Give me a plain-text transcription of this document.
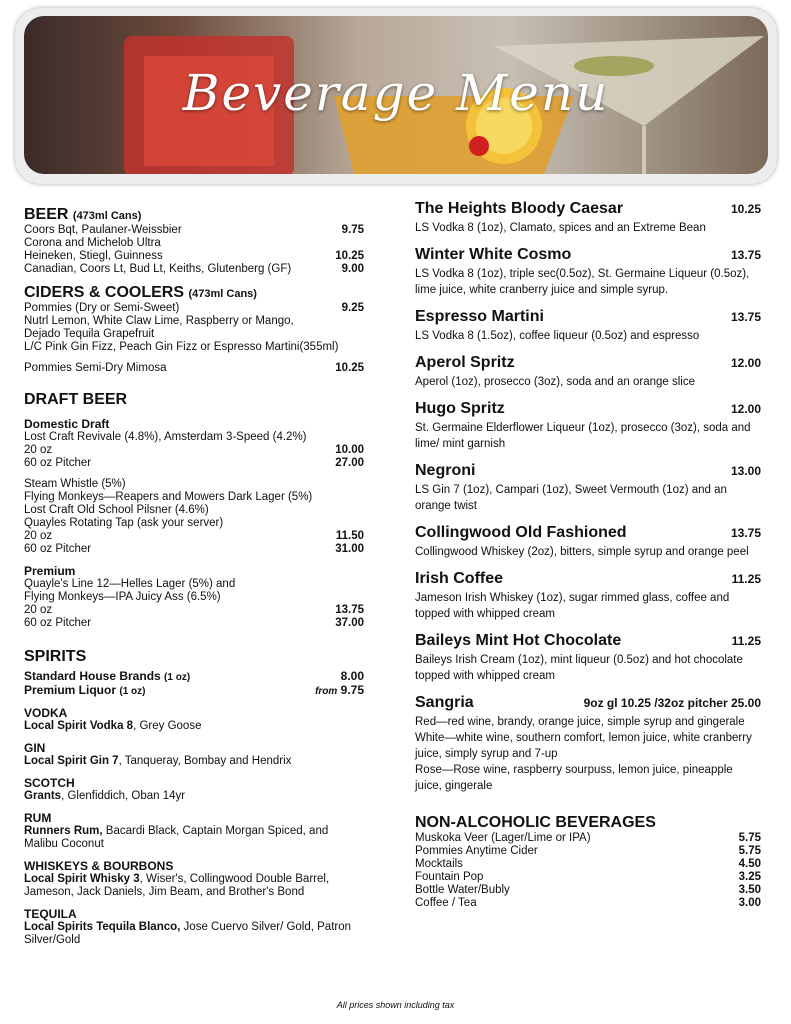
Beverage Menu
BEER (473ml Cans)
Coors Bqt, Paulaner-Weissbier	9.75
Corona and Michelob Ultra
Heineken, Stiegl, Guinness	10.25
Canadian, Coors Lt, Bud Lt, Keiths, Glutenberg (GF)	9.00
CIDERS & COOLERS (473ml Cans)
Pommies (Dry or Semi-Sweet)	9.25
Nutrl Lemon, White Claw Lime, Raspberry or Mango,
Dejado Tequila Grapefruit
L/C Pink Gin Fizz, Peach Gin Fizz or Espresso Martini(355ml)
Pommies Semi-Dry Mimosa	10.25
DRAFT BEER
Domestic Draft
Lost Craft Revivale (4.8%), Amsterdam 3-Speed (4.2%)
20 oz	10.00
60 oz Pitcher	27.00
Steam Whistle (5%)
Flying Monkeys—Reapers and Mowers Dark Lager (5%)
Lost Craft Old School Pilsner (4.6%)
Quayles Rotating Tap (ask your server)
20 oz	11.50
60 oz Pitcher	31.00
Premium
Quayle's Line 12—Helles Lager (5%) and
Flying Monkeys—IPA Juicy Ass (6.5%)
20 oz	13.75
60 oz Pitcher	37.00
SPIRITS
Standard House Brands (1 oz)	8.00
Premium Liquor (1 oz)	from 9.75
VODKA
Local Spirit Vodka 8, Grey Goose
GIN
Local Spirit Gin 7, Tanqueray, Bombay and Hendrix
SCOTCH
Grants, Glenfiddich, Oban 14yr
RUM
Runners Rum, Bacardi Black, Captain Morgan Spiced, and Malibu Coconut
WHISKEYS & BOURBONS
Local Spirit Whisky 3, Wiser's, Collingwood Double Barrel, Jameson, Jack Daniels, Jim Beam, and Brother's Bond
TEQUILA
Local Spirits Tequila Blanco, Jose Cuervo Silver/ Gold, Patron Silver/Gold
The Heights Bloody Caesar	10.25
LS Vodka 8 (1oz), Clamato, spices and an Extreme Bean
Winter White Cosmo	13.75
LS Vodka 8 (1oz), triple sec(0.5oz), St. Germaine Liqueur (0.5oz), lime juice, white cranberry juice and simple syrup.
Espresso Martini	13.75
LS Vodka 8 (1.5oz), coffee liqueur (0.5oz) and espresso
Aperol Spritz	12.00
Aperol (1oz), prosecco (3oz), soda and an orange slice
Hugo Spritz	12.00
St. Germaine Elderflower Liqueur (1oz), prosecco (3oz), soda and lime/ mint garnish
Negroni	13.00
LS Gin 7 (1oz), Campari (1oz), Sweet Vermouth (1oz) and an orange twist
Collingwood Old Fashioned	13.75
Collingwood Whiskey (2oz), bitters, simple syrup and orange peel
Irish Coffee	11.25
Jameson Irish Whiskey (1oz), sugar rimmed glass, coffee and topped with whipped cream
Baileys Mint Hot Chocolate	11.25
Baileys Irish Cream (1oz), mint liqueur (0.5oz) and hot chocolate topped with whipped cream
Sangria	9oz gl 10.25 /32oz pitcher 25.00
Red—red wine, brandy, orange juice, simple syrup and gingerale
White—white wine, southern comfort, lemon juice, white cranberry juice, simply syrup and 7-up
Rose—Rose wine, raspberry sourpuss, lemon juice, pineapple juice, gingerale
NON-ALCOHOLIC BEVERAGES
Muskoka Veer (Lager/Lime or IPA)	5.75
Pommies Anytime Cider	5.75
Mocktails	4.50
Fountain Pop	3.25
Bottle Water/Bubly	3.50
Coffee / Tea	3.00
All prices shown including tax
